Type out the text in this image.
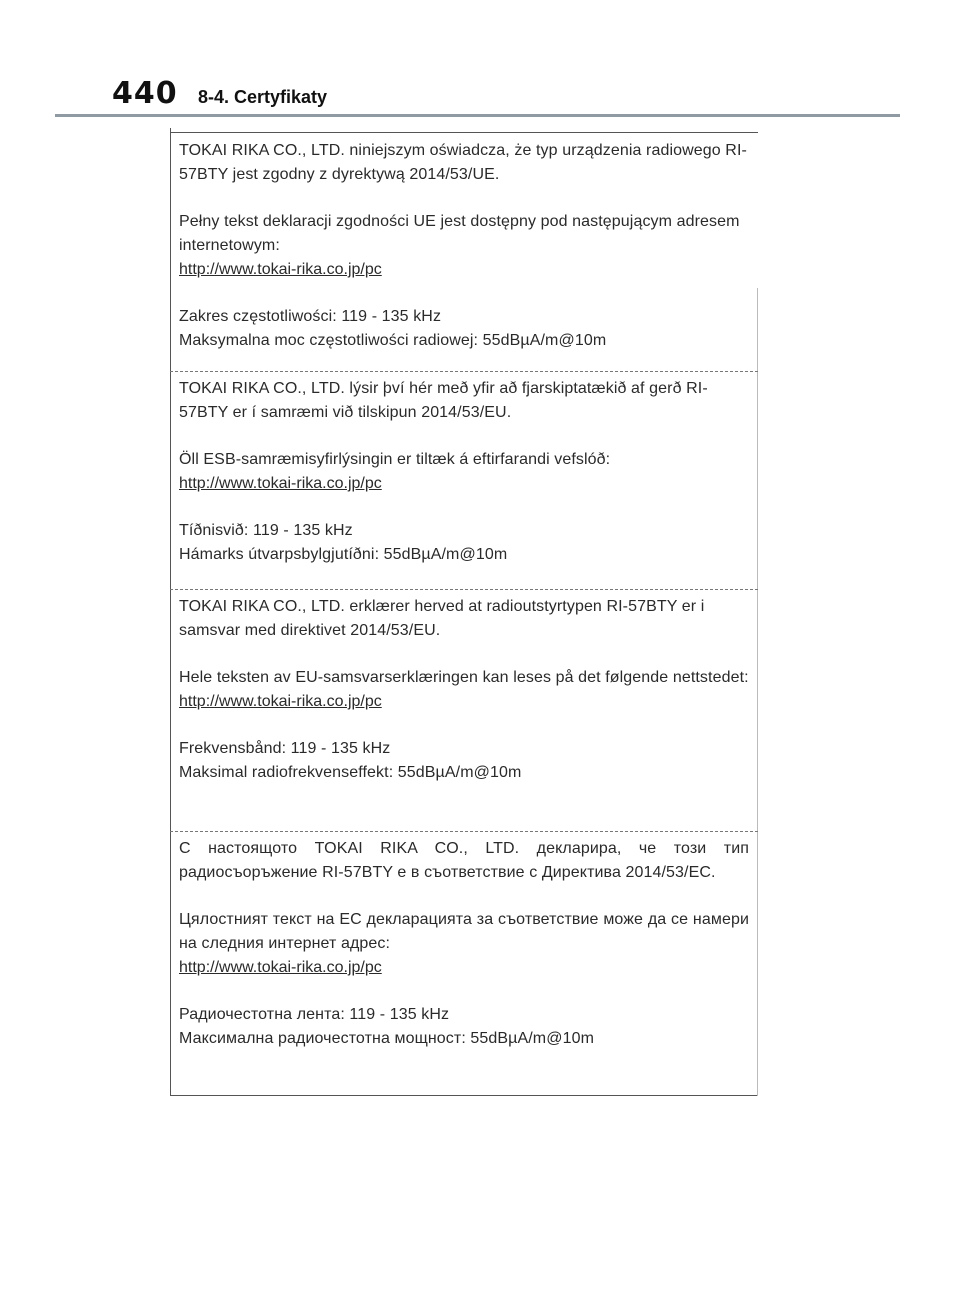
440 8-4. Certyfikaty

TOKAI RIKA CO., LTD. niniejszym oświadcza, że typ urządzenia radiowego RI-57BTY jest zgodny z dyrektywą 2014/53/UE.

Pełny tekst deklaracji zgodności UE jest dostępny pod następującym adresem internetowym:

http://www.tokai-rika.co.jp/pc

Zakres częstotliwości: 119 - 135 kHz

Maksymalna moc częstotliwości radiowej: 55dBµA/m@10m

TOKAI RIKA CO., LTD. lýsir því hér með yfir að fjarskiptatækið af gerð RI-57BTY er í samræmi við tilskipun 2014/53/EU.

Öll ESB-samræmisyfirlýsingin er tiltæk á eftirfarandi vefslóð:

http://www.tokai-rika.co.jp/pc

Tíðnisvið: 119 - 135 kHz

Hámarks útvarpsbylgjutíðni: 55dBµA/m@10m

TOKAI RIKA CO., LTD. erklærer herved at radioutstyrtypen RI-57BTY er i samsvar med direktivet 2014/53/EU.

Hele teksten av EU-samsvarserklæringen kan leses på det følgende nettstedet:

http://www.tokai-rika.co.jp/pc

Frekvensbånd: 119 - 135 kHz

Maksimal radiofrekvenseffekt: 55dBµA/m@10m

С настоящото TOKAI RIKA CO., LTD. декларира, че този тип радиосъоръжение RI-57BTY е в съответствие с Директива 2014/53/ЕС.

Цялостният текст на ЕС декларацията за съответствие може да се намери на следния интернет адрес:

http://www.tokai-rika.co.jp/pc

Радиочестотна лента: 119 - 135 kHz

Максимална радиочестотна мощност: 55dBµA/m@10m
